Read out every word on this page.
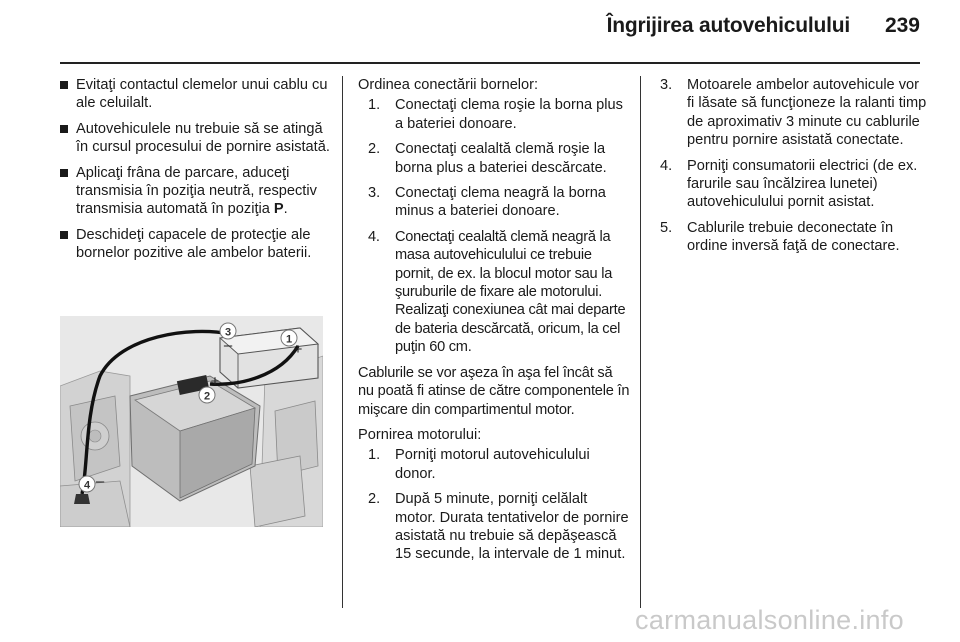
Îngrijirea autovehiculului 239
Evitaţi contactul clemelor unui cablu cu ale celuilalt.
Autovehiculele nu trebuie să se atingă în cursul procesului de pornire asistată.
Aplicaţi frâna de parcare, aduceţi transmisia în poziţia neutră, respectiv transmisia automată în poziţia P.
Deschideţi capacele de protecţie ale bornelor pozitive ale ambelor baterii.
3
–	1
+
2
+
4 –
Ordinea conectării bornelor:
1. Conectaţi clema roşie la borna plus a bateriei donoare.
2. Conectaţi cealaltă clemă roşie la borna plus a bateriei descărcate.
3. Conectaţi clema neagră la borna minus a bateriei donoare.
4. Conectaţi cealaltă clemă neagră la masa autovehiculului ce trebuie pornit, de ex. la blocul motor sau la şuruburile de fixare ale motorului. Realizaţi conexiunea cât mai departe de bateria descărcată, oricum, la cel puţin 60 cm.
Cablurile se vor aşeza în aşa fel încât să nu poată fi atinse de către componentele în mişcare din compartimentul motor.
Pornirea motorului:
1. Porniţi motorul autovehiculului donor.
2. După 5 minute, porniţi celălalt motor. Durata tentativelor de pornire asistată nu trebuie să depăşească 15 secunde, la intervale de 1 minut.
3. Motoarele ambelor autovehicule vor fi lăsate să funcţioneze la ralanti timp de aproximativ 3 minute cu cablurile pentru pornire asistată conectate.
4. Porniţi consumatorii electrici (de ex. farurile sau încălzirea lunetei) autovehiculului pornit asistat.
5. Cablurile trebuie deconectate în ordine inversă faţă de conectare.
carmanualsonline.info
